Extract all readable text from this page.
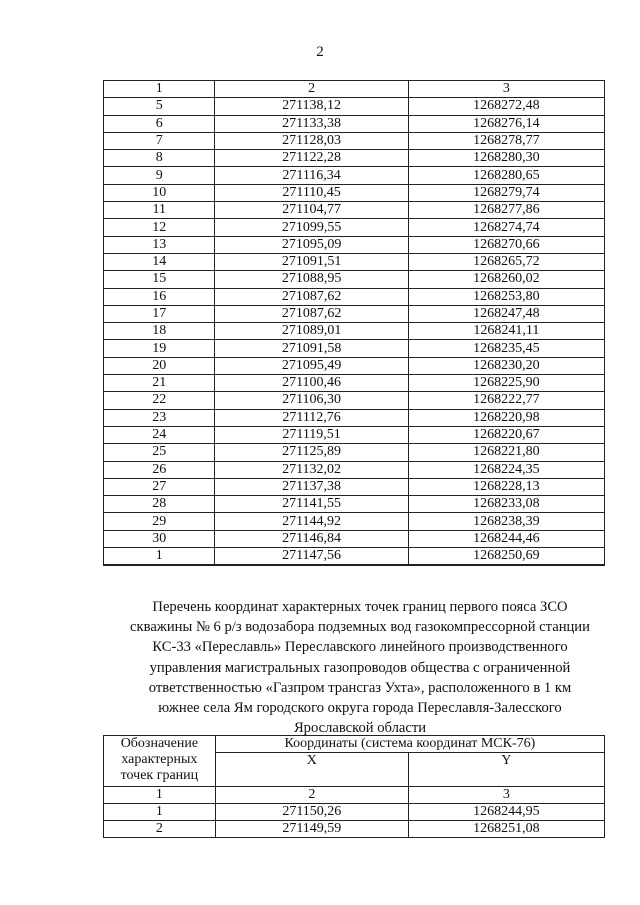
2
1	2	3
5	271138,12	1268272,48
6	271133,38	1268276,14
7	271128,03	1268278,77
8	271122,28	1268280,30
9	271116,34	1268280,65
10	271110,45	1268279,74
11	271104,77	1268277,86
12	271099,55	1268274,74
13	271095,09	1268270,66
14	271091,51	1268265,72
15	271088,95	1268260,02
16	271087,62	1268253,80
17	271087,62	1268247,48
18	271089,01	1268241,11
19	271091,58	1268235,45
20	271095,49	1268230,20
21	271100,46	1268225,90
22	271106,30	1268222,77
23	271112,76	1268220,98
24	271119,51	1268220,67
25	271125,89	1268221,80
26	271132,02	1268224,35
27	271137,38	1268228,13
28	271141,55	1268233,08
29	271144,92	1268238,39
30	271146,84	1268244,46
1	271147,56	1268250,69
Перечень координат характерных точек границ первого пояса ЗСО
скважины № 6 р/з водозабора подземных вод газокомпрессорной станции
КС-33 «Переславль» Переславского линейного производственного
управления магистральных газопроводов общества с ограниченной
ответственностью «Газпром трансгаз Ухта», расположенного в 1 км
южнее села Ям городского округа города Переславля-Залесского
Ярославской области
Обозначение
характерных
точек границ	Координаты (система координат МСК-76)	
	X	Y
1	2	3
1	271150,26	1268244,95
2	271149,59	1268251,08
